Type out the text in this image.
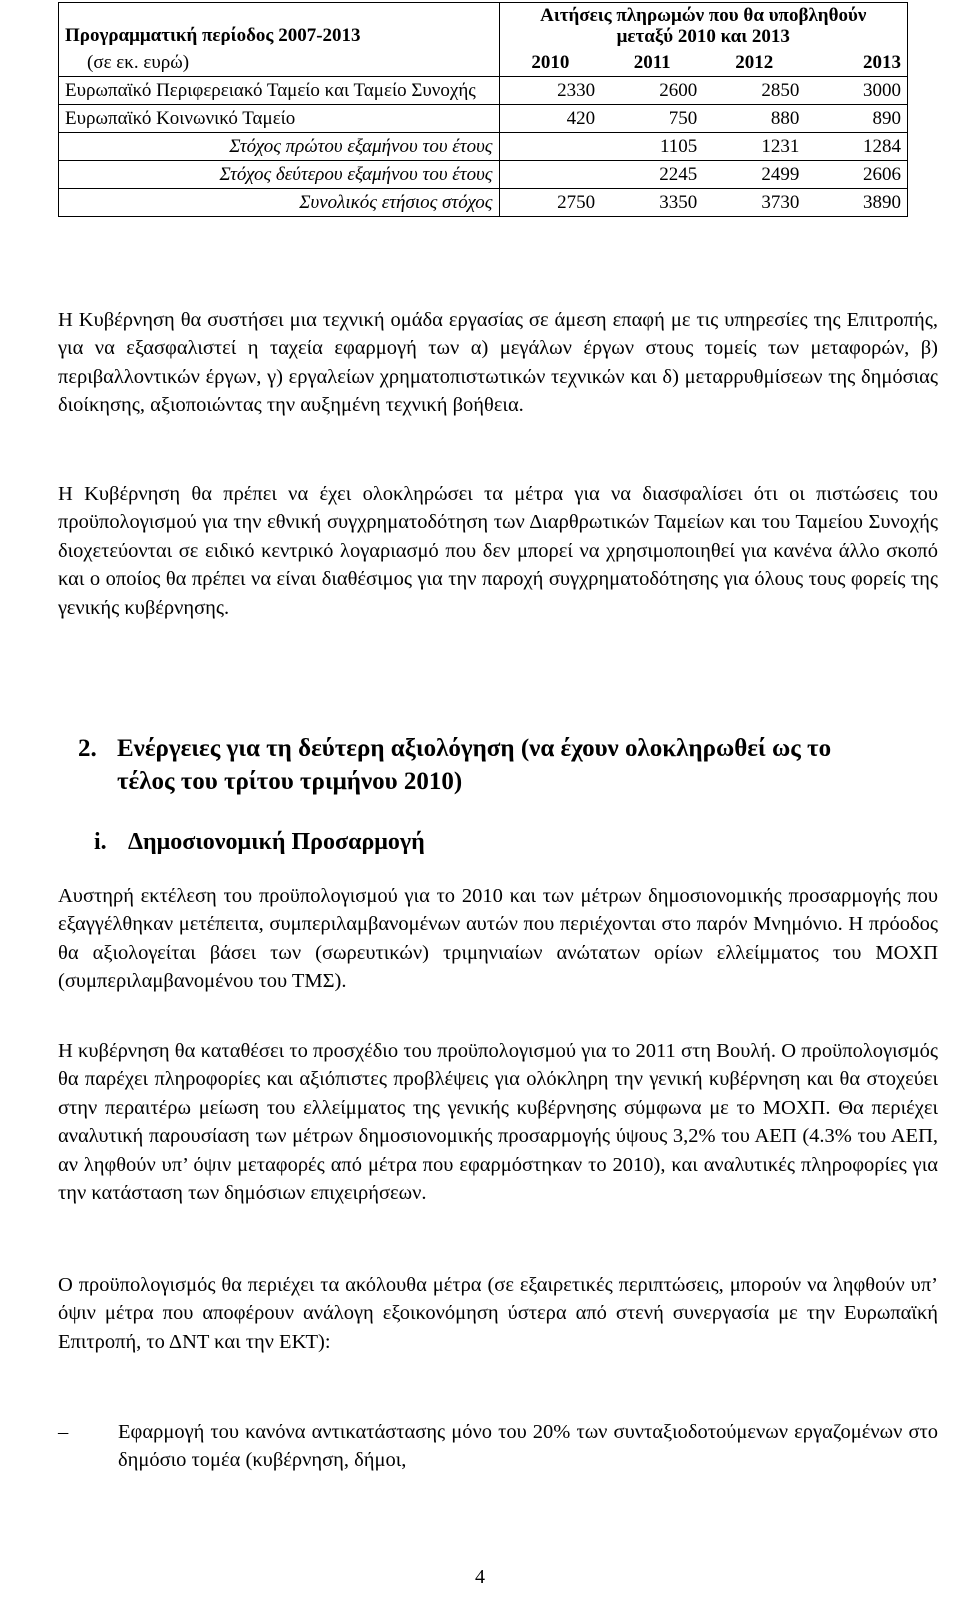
Προγραμματική περίοδος 2007-2013	Αιτήσεις πληρωμών που θα υποβληθούν μεταξύ 2010 και 2013			
(σε εκ. ευρώ)	2010	2011	2012	2013
Ευρωπαϊκό Περιφερειακό Ταμείο και Ταμείο Συνοχής	2330	2600	2850	3000
Ευρωπαϊκό Κοινωνικό Ταμείο	420	750	880	890
Στόχος πρώτου εξαμήνου του έτους		1105	1231	1284
Στόχος δεύτερου εξαμήνου του έτους		2245	2499	2606
Συνολικός ετήσιος στόχος	2750	3350	3730	3890

Η Κυβέρνηση θα συστήσει μια τεχνική ομάδα εργασίας σε άμεση επαφή με τις υπηρεσίες της Επιτροπής, για να εξασφαλιστεί η ταχεία εφαρμογή των α) μεγάλων έργων στους τομείς των μεταφορών, β) περιβαλλοντικών έργων, γ) εργαλείων χρηματοπιστωτικών τεχνικών και δ) μεταρρυθμίσεων της δημόσιας διοίκησης, αξιοποιώντας την αυξημένη τεχνική βοήθεια.

Η Κυβέρνηση θα πρέπει να έχει ολοκληρώσει τα μέτρα για να διασφαλίσει ότι οι πιστώσεις του προϋπολογισμού για την εθνική συγχρηματοδότηση των Διαρθρωτικών Ταμείων και του Ταμείου Συνοχής διοχετεύονται σε ειδικό κεντρικό λογαριασμό που δεν μπορεί να χρησιμοποιηθεί για κανένα άλλο σκοπό και ο οποίος θα πρέπει να είναι διαθέσιμος για την παροχή συγχρηματοδότησης για όλους τους φορείς της γενικής κυβέρνησης.

2. Ενέργειες για τη δεύτερη αξιολόγηση (να έχουν ολοκληρωθεί ως το
τέλος του τρίτου τριμήνου 2010)
i. Δημοσιονομική Προσαρμογή

Αυστηρή εκτέλεση του προϋπολογισμού για το 2010 και των μέτρων δημοσιονομικής προσαρμογής που εξαγγέλθηκαν μετέπειτα, συμπεριλαμβανομένων αυτών που περιέχονται στο παρόν Μνημόνιο. Η πρόοδος θα αξιολογείται βάσει των (σωρευτικών) τριμηνιαίων ανώτατων ορίων ελλείμματος του ΜΟΧΠ (συμπεριλαμβανομένου του ΤΜΣ).

Η κυβέρνηση θα καταθέσει το προσχέδιο του προϋπολογισμού για το 2011 στη Βουλή. Ο προϋπολογισμός θα παρέχει πληροφορίες και αξιόπιστες προβλέψεις για ολόκληρη την γενική κυβέρνηση και θα στοχεύει στην περαιτέρω μείωση του ελλείμματος της γενικής κυβέρνησης σύμφωνα με το ΜΟΧΠ. Θα περιέχει αναλυτική παρουσίαση των μέτρων δημοσιονομικής προσαρμογής ύψους 3,2% του ΑΕΠ (4.3% του ΑΕΠ, αν ληφθούν υπ’ όψιν μεταφορές από μέτρα που εφαρμόστηκαν το 2010), και αναλυτικές πληροφορίες για την κατάσταση των δημόσιων επιχειρήσεων.

Ο προϋπολογισμός θα περιέχει τα ακόλουθα μέτρα (σε εξαιρετικές περιπτώσεις, μπορούν να ληφθούν υπ’ όψιν μέτρα που αποφέρουν ανάλογη εξοικονόμηση ύστερα από στενή συνεργασία με την Ευρωπαϊκή Επιτροπή, το ΔΝΤ και την ΕΚΤ):

–	Εφαρμογή του κανόνα αντικατάστασης μόνο του 20% των συνταξιοδοτούμενων εργαζομένων στο δημόσιο τομέα (κυβέρνηση, δήμοι,
4
